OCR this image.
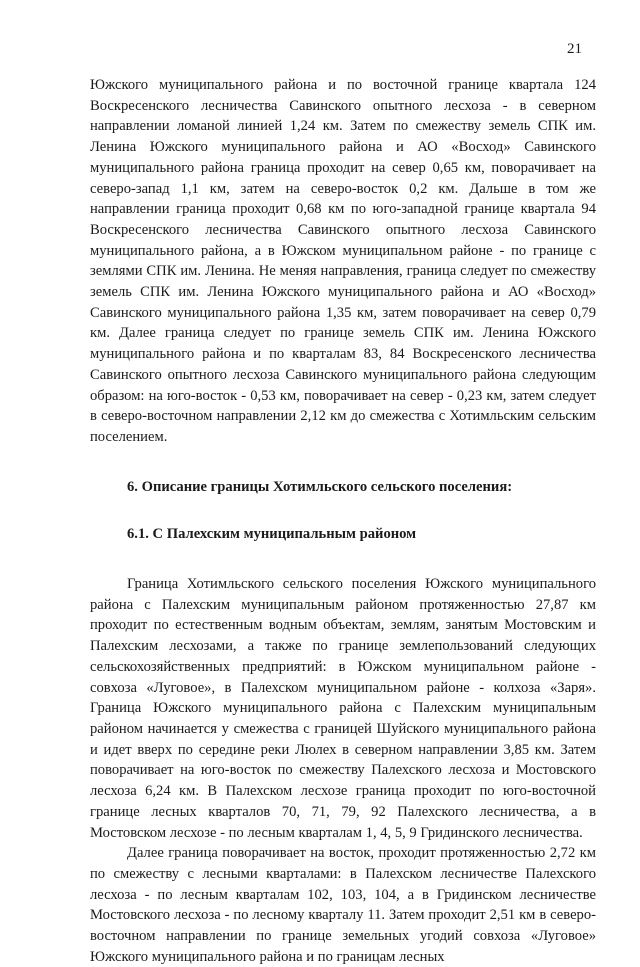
21

Южского муниципального района и по восточной границе квартала 124 Воскресенского лесничества Савинского опытного лесхоза - в северном направлении ломаной линией 1,24 км. Затем по смежеству земель СПК им. Ленина Южского муниципального района и АО «Восход» Савинского муниципального района граница проходит на север 0,65 км, поворачивает на северо-запад 1,1 км, затем на северо-восток 0,2 км. Дальше в том же направлении граница проходит 0,68 км по юго-западной границе квартала 94 Воскресенского лесничества Савинского опытного лесхоза Савинского муниципального района, а в Южском муниципальном районе - по границе с землями СПК им. Ленина. Не меняя направления, граница следует по смежеству земель СПК им. Ленина Южского муниципального района и АО «Восход» Савинского муниципального района 1,35 км, затем поворачивает на север 0,79 км. Далее граница следует по границе земель СПК им. Ленина Южского муниципального района и по кварталам 83, 84 Воскресенского лесничества Савинского опытного лесхоза Савинского муниципального района следующим образом: на юго-восток - 0,53 км, поворачивает на север - 0,23 км, затем следует в северо-восточном направлении 2,12 км до смежества с Хотимльским сельским поселением.

6. Описание границы Хотимльского сельского поселения:

6.1. С Палехским муниципальным районом

Граница Хотимльского сельского поселения Южского муниципального района с Палехским муниципальным районом протяженностью 27,87 км проходит по естественным водным объектам, землям, занятым Мостовским и Палехским лесхозами, а также по границе землепользований следующих сельскохозяйственных предприятий: в Южском муниципальном районе - совхоза «Луговое», в Палехском муниципальном районе - колхоза «Заря». Граница Южского муниципального района с Палехским муниципальным районом начинается у смежества с границей Шуйского муниципального района и идет вверх по середине реки Люлех в северном направлении 3,85 км. Затем поворачивает на юго-восток по смежеству Палехского лесхоза и Мостовского лесхоза 6,24 км. В Палехском лесхозе граница проходит по юго-восточной границе лесных кварталов 70, 71, 79, 92 Палехского лесничества, а в Мостовском лесхозе - по лесным кварталам 1, 4, 5, 9 Гридинского лесничества.

Далее граница поворачивает на восток, проходит протяженностью 2,72 км по смежеству с лесными кварталами: в Палехском лесничестве Палехского лесхоза - по лесным кварталам 102, 103, 104, а в Гридинском лесничестве Мостовского лесхоза - по лесному кварталу 11. Затем проходит 2,51 км в северо-восточном направлении по границе земельных угодий совхоза «Луговое» Южского муниципального района и по границам лесных
